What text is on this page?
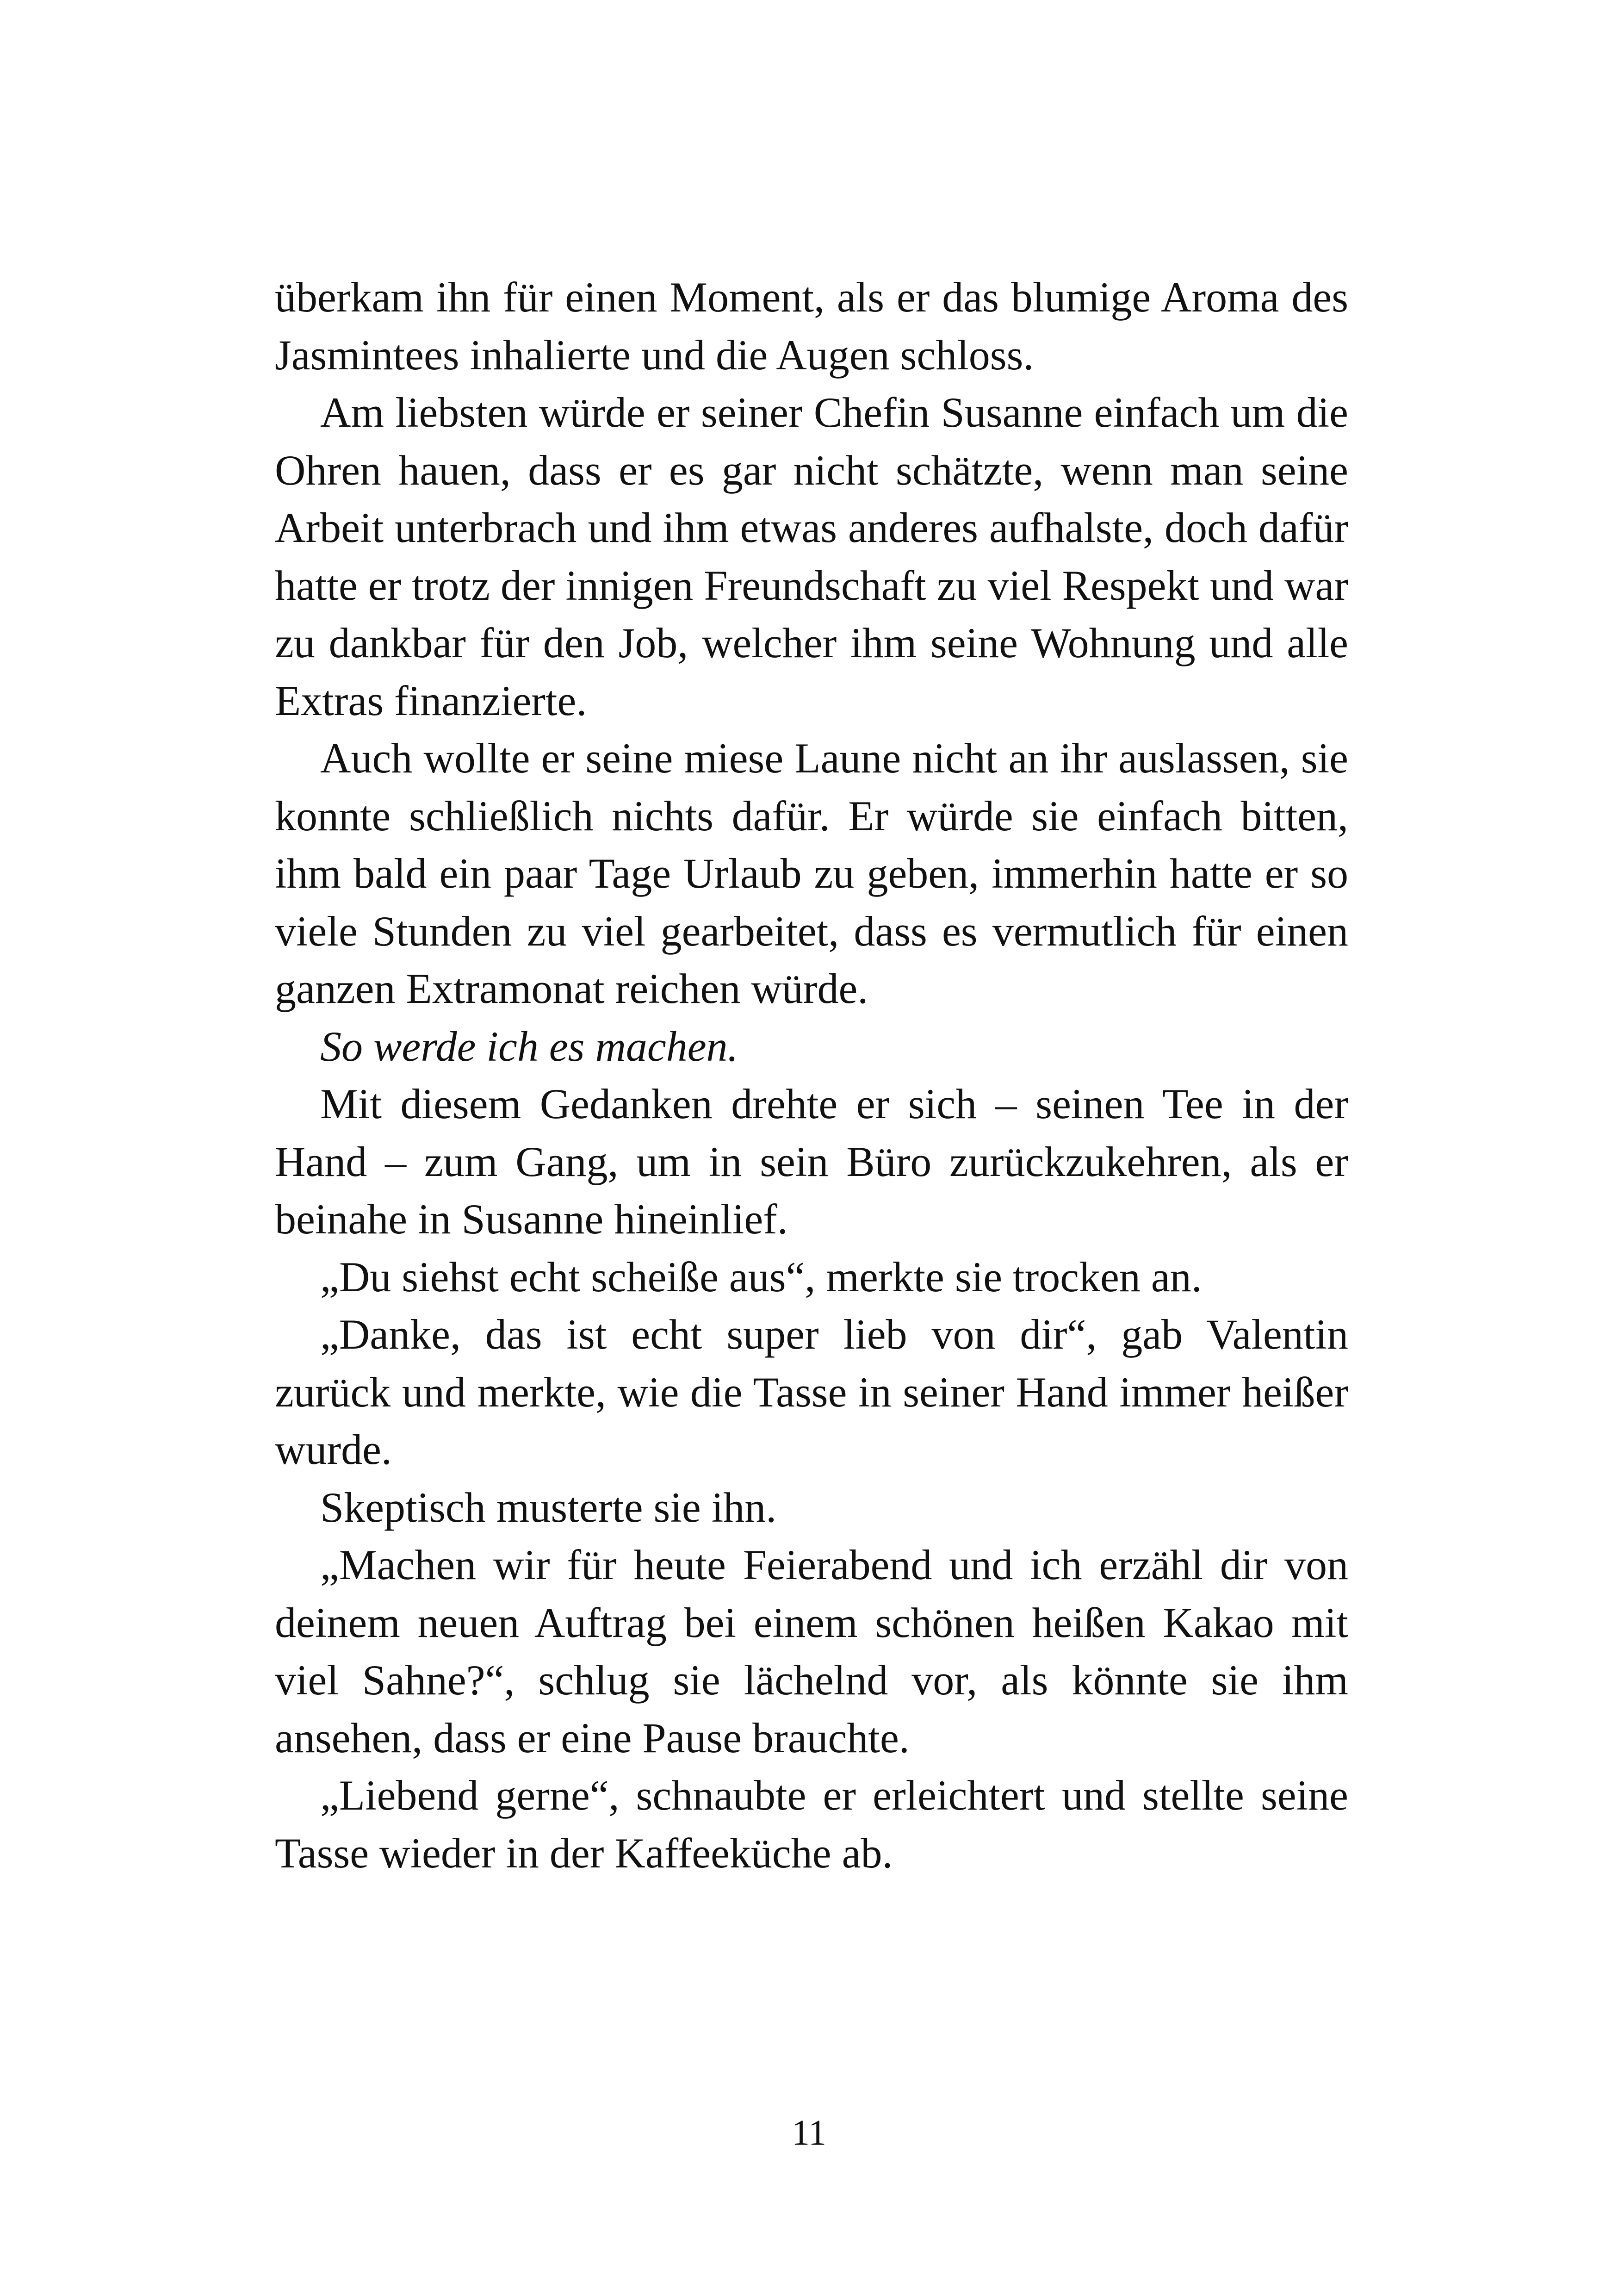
überkam ihn für einen Moment, als er das blumige Aroma des Jasmintees inhalierte und die Augen schloss.

Am liebsten würde er seiner Chefin Susanne einfach um die Ohren hauen, dass er es gar nicht schätzte, wenn man seine Arbeit unterbrach und ihm etwas anderes aufhalste, doch dafür hatte er trotz der innigen Freundschaft zu viel Respekt und war zu dankbar für den Job, welcher ihm seine Wohnung und alle Extras finanzierte.

Auch wollte er seine miese Laune nicht an ihr auslassen, sie konnte schließlich nichts dafür. Er würde sie einfach bitten, ihm bald ein paar Tage Urlaub zu geben, immerhin hatte er so viele Stunden zu viel gearbeitet, dass es vermutlich für einen ganzen Extramonat reichen würde.

So werde ich es machen.

Mit diesem Gedanken drehte er sich – seinen Tee in der Hand – zum Gang, um in sein Büro zurückzukehren, als er beinahe in Susanne hineinlief.

„Du siehst echt scheiße aus“, merkte sie trocken an.

„Danke, das ist echt super lieb von dir“, gab Valentin zurück und merkte, wie die Tasse in seiner Hand immer heißer wurde.

Skeptisch musterte sie ihn.

„Machen wir für heute Feierabend und ich erzähl dir von deinem neuen Auftrag bei einem schönen heißen Kakao mit viel Sahne?“, schlug sie lächelnd vor, als könnte sie ihm ansehen, dass er eine Pause brauchte.

„Liebend gerne“, schnaubte er erleichtert und stellte seine Tasse wieder in der Kaffeeküche ab.

11
